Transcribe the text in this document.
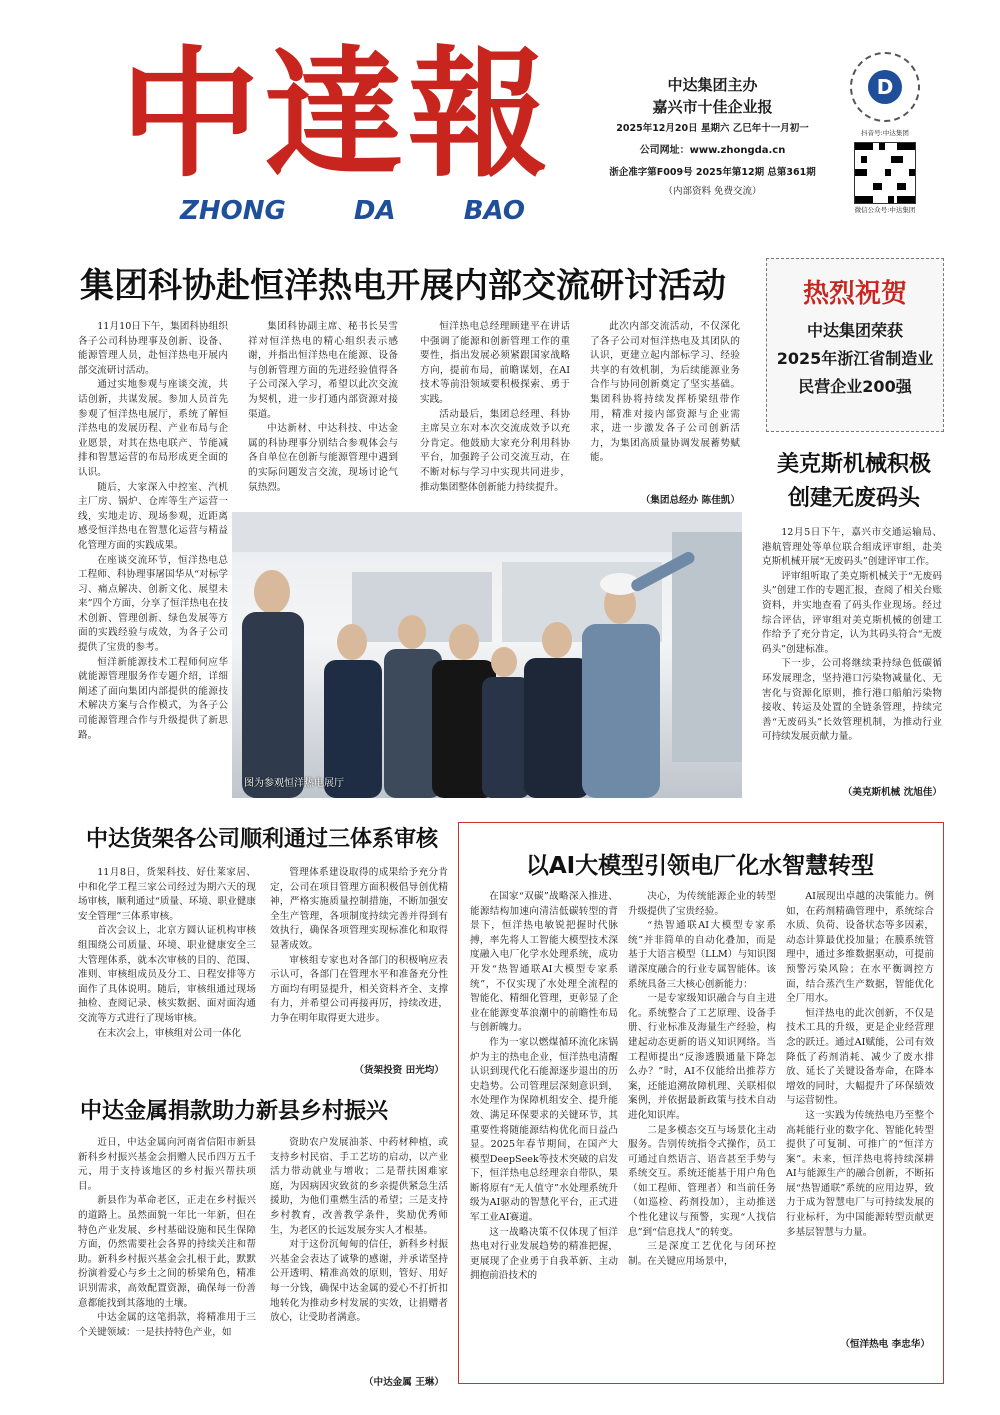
中達報
ZHONG	DA	BAO
中达集团主办
嘉兴市十佳企业报
2025年12月20日 星期六 乙巳年十一月初一
公司网址：www.zhongda.cn
浙企准字第F009号 2025年第12期 总第361期
（内部资料 免费交流）
D
抖音号:中达集团
微信公众号:中达集团
集团科协赴恒洋热电开展内部交流研讨活动

11月10日下午，集团科协组织各子公司科协理事及创新、设备、能源管理人员，赴恒洋热电开展内部交流研讨活动。

通过实地参观与座谈交流，共话创新，共谋发展。参加人员首先参观了恒洋热电展厅，系统了解恒洋热电的发展历程、产业布局与企业愿景，对其在热电联产、节能减排和智慧运营的布局形成更全面的认识。

随后，大家深入中控室、汽机主厂房、锅炉、仓库等生产运营一线，实地走访、现场参观，近距离感受恒洋热电在智慧化运营与精益化管理方面的实践成果。

在座谈交流环节，恒洋热电总工程师、科协理事屠国华从“对标学习、痛点解决、创新文化、展望未来”四个方面，分享了恒洋热电在技术创新、管理创新、绿色发展等方面的实践经验与成效，为各子公司提供了宝贵的参考。

恒洋新能源技术工程师何应华就能源管理服务作专题介绍，详细阐述了面向集团内部提供的能源技术解决方案与合作模式，为各子公司能源管理合作与升级提供了新思路。

集团科协副主席、秘书长吴雪祥对恒洋热电的精心组织表示感谢，并指出恒洋热电在能源、设备与创新管理方面的先进经验值得各子公司深入学习，希望以此次交流为契机，进一步打通内部资源对接渠道。

中达新材、中达科技、中达金属的科协理事分别结合参观体会与各自单位在创新与能源管理中遇到的实际问题发言交流，现场讨论气氛热烈。

恒洋热电总经理顾建平在讲话中强调了能源和创新管理工作的重要性，指出发展必须紧跟国家战略方向，提前布局，前瞻谋划，在AI技术等前沿领域要积极探索、勇于实践。

活动最后，集团总经理、科协主席吴立东对本次交流成效予以充分肯定。他鼓励大家充分利用科协平台，加强跨子公司交流互动，在不断对标与学习中实现共同进步，推动集团整体创新能力持续提升。

此次内部交流活动，不仅深化了各子公司对恒洋热电及其团队的认识，更建立起内部标学习、经验共享的有效机制，为后续能源业务合作与协同创新奠定了坚实基础。集团科协将持续发挥桥梁纽带作用，精准对接内部资源与企业需求，进一步激发各子公司创新活力，为集团高质量协调发展蓄势赋能。

（集团总经办 陈佳凯）
图为参观恒洋热电展厅
热烈祝贺
中达集团荣获
2025年浙江省制造业
民营企业200强
美克斯机械积极
创建无废码头

12月5日下午，嘉兴市交通运输局、港航管理处等单位联合组成评审组，赴美克斯机械开展“无废码头”创建评审工作。

评审组听取了美克斯机械关于“无废码头”创建工作的专题汇报，查阅了相关台账资料，并实地查看了码头作业现场。经过综合评估，评审组对美克斯机械的创建工作给予了充分肯定，认为其码头符合“无废码头”创建标准。

下一步，公司将继续秉持绿色低碳循环发展理念，坚持港口污染物减量化、无害化与资源化原则，推行港口船舶污染物接收、转运及处置的全链条管理，持续完善“无废码头”长效管理机制，为推动行业可持续发展贡献力量。

（美克斯机械 沈旭佳）
中达货架各公司顺利通过三体系审核

11月8日，货架科技、好仕莱家居、中和化学工程三家公司经过为期六天的现场审核，顺利通过“质量、环境、职业健康安全管理”三体系审核。

首次会议上，北京方圆认证机构审核组围绕公司质量、环境、职业健康安全三大管理体系，就本次审核的目的、范围、准则、审核组成员及分工、日程安排等方面作了具体说明。随后，审核组通过现场抽检、查阅记录、核实数据、面对面沟通交流等方式进行了现场审核。

在末次会上，审核组对公司一体化

管理体系建设取得的成果给予充分肯定，公司在项目管理方面积极倡导创优精神，严格实施质量控制措施，不断加强安全生产管理，各项制度持续完善并得到有效执行，确保各项管理实现标准化和取得显著成效。

审核组专家也对各部门的积极响应表示认可，各部门在管理水平和准备充分性方面均有明显提升，相关资料齐全、支撑有力，并希望公司再接再厉，持续改进，力争在明年取得更大进步。

（货架投资 田光均）
中达金属捐款助力新县乡村振兴

近日，中达金属向河南省信阳市新县新科乡村振兴基金会捐赠人民币四万五千元，用于支持该地区的乡村振兴帮扶项目。

新县作为革命老区，正走在乡村振兴的道路上。虽然面貌一年比一年新，但在特色产业发展、乡村基础设施和民生保障方面，仍然需要社会各界的持续关注和帮助。新科乡村振兴基金会扎根于此，默默扮演着爱心与乡土之间的桥梁角色，精准识别需求，高效配置资源，确保每一份善意都能找到其落地的土壤。

中达金属的这笔捐款，将精准用于三个关键领域：一是扶持特色产业，如

资助农户发展油茶、中药材种植，或支持乡村民宿、手工艺坊的启动，以产业活力带动就业与增收；二是帮扶困难家庭，为因病因灾致贫的乡亲提供紧急生活援助，为他们重燃生活的希望；三是支持乡村教育，改善教学条件，奖励优秀师生，为老区的长远发展夯实人才根基。

对于这份沉甸甸的信任，新科乡村振兴基金会表达了诚挚的感谢，并承诺坚持公开透明、精准高效的原则，管好、用好每一分钱，确保中达金属的爱心不打折扣地转化为推动乡村发展的实效，让捐赠者放心，让受助者满意。

（中达金属 王琳）
以AI大模型引领电厂化水智慧转型

在国家“双碳”战略深入推进、能源结构加速向清洁低碳转型的背景下，恒洋热电敏锐把握时代脉搏，率先将人工智能大模型技术深度融入电厂化学水处理系统，成功开发“热智通联AI大模型专家系统”，不仅实现了水处理全流程的智能化、精细化管理，更彰显了企业在能源变革浪潮中的前瞻性布局与创新魄力。

作为一家以燃煤循环流化床锅炉为主的热电企业，恒洋热电清醒认识到现代化石能源逐步退出的历史趋势。公司管理层深刻意识到，水处理作为保障机组安全、提升能效、满足环保要求的关键环节，其重要性将随能源结构优化而日益凸显。2025年春节期间，在国产大模型DeepSeek等技术突破的启发下，恒洋热电总经理亲自带队，果断将原有“无人值守”水处理系统升级为AI驱动的智慧化平台，正式进军工业AI赛道。

这一战略决策不仅体现了恒洋热电对行业发展趋势的精准把握，更展现了企业勇于自我革新、主动拥抱前沿技术的

决心，为传统能源企业的转型升级提供了宝贵经验。

“热智通联AI大模型专家系统”并非简单的自动化叠加，而是基于大语言模型（LLM）与知识图谱深度融合的行业专属智能体。该系统具备三大核心创新能力：

一是专家级知识融合与自主进化。系统整合了工艺原理、设备手册、行业标准及海量生产经验，构建起动态更新的语义知识网络。当工程师提出“反渗透膜通量下降怎么办？”时，AI不仅能给出推荐方案，还能追溯故障机理、关联相似案例，并依据最新政策与技术自动进化知识库。

二是多模态交互与场景化主动服务。告别传统指令式操作，员工可通过自然语言、语音甚至手势与系统交互。系统还能基于用户角色（如工程师、管理者）和当前任务（如巡检、药剂投加），主动推送个性化建议与预警，实现“人找信息”到“信息找人”的转变。

三是深度工艺优化与闭环控制。在关键应用场景中，

AI展现出卓越的决策能力。例如，在药剂精确管理中，系统综合水质、负荷、设备状态等多因素，动态计算最优投加量；在膜系统管理中，通过多维数据驱动，可提前预警污染风险；在水平衡调控方面，结合蒸汽生产数据，智能优化全厂用水。

恒洋热电的此次创新，不仅是技术工具的升级，更是企业经营理念的跃迁。通过AI赋能，公司有效降低了药剂消耗、减少了废水排放、延长了关键设备寿命，在降本增效的同时，大幅提升了环保绩效与运营韧性。

这一实践为传统热电乃至整个高耗能行业的数字化、智能化转型提供了可复制、可推广的“恒洋方案”。未来，恒洋热电将持续深耕AI与能源生产的融合创新，不断拓展“热智通联”系统的应用边界，致力于成为智慧电厂与可持续发展的行业标杆，为中国能源转型贡献更多基层智慧与力量。

（恒洋热电 李忠华）
